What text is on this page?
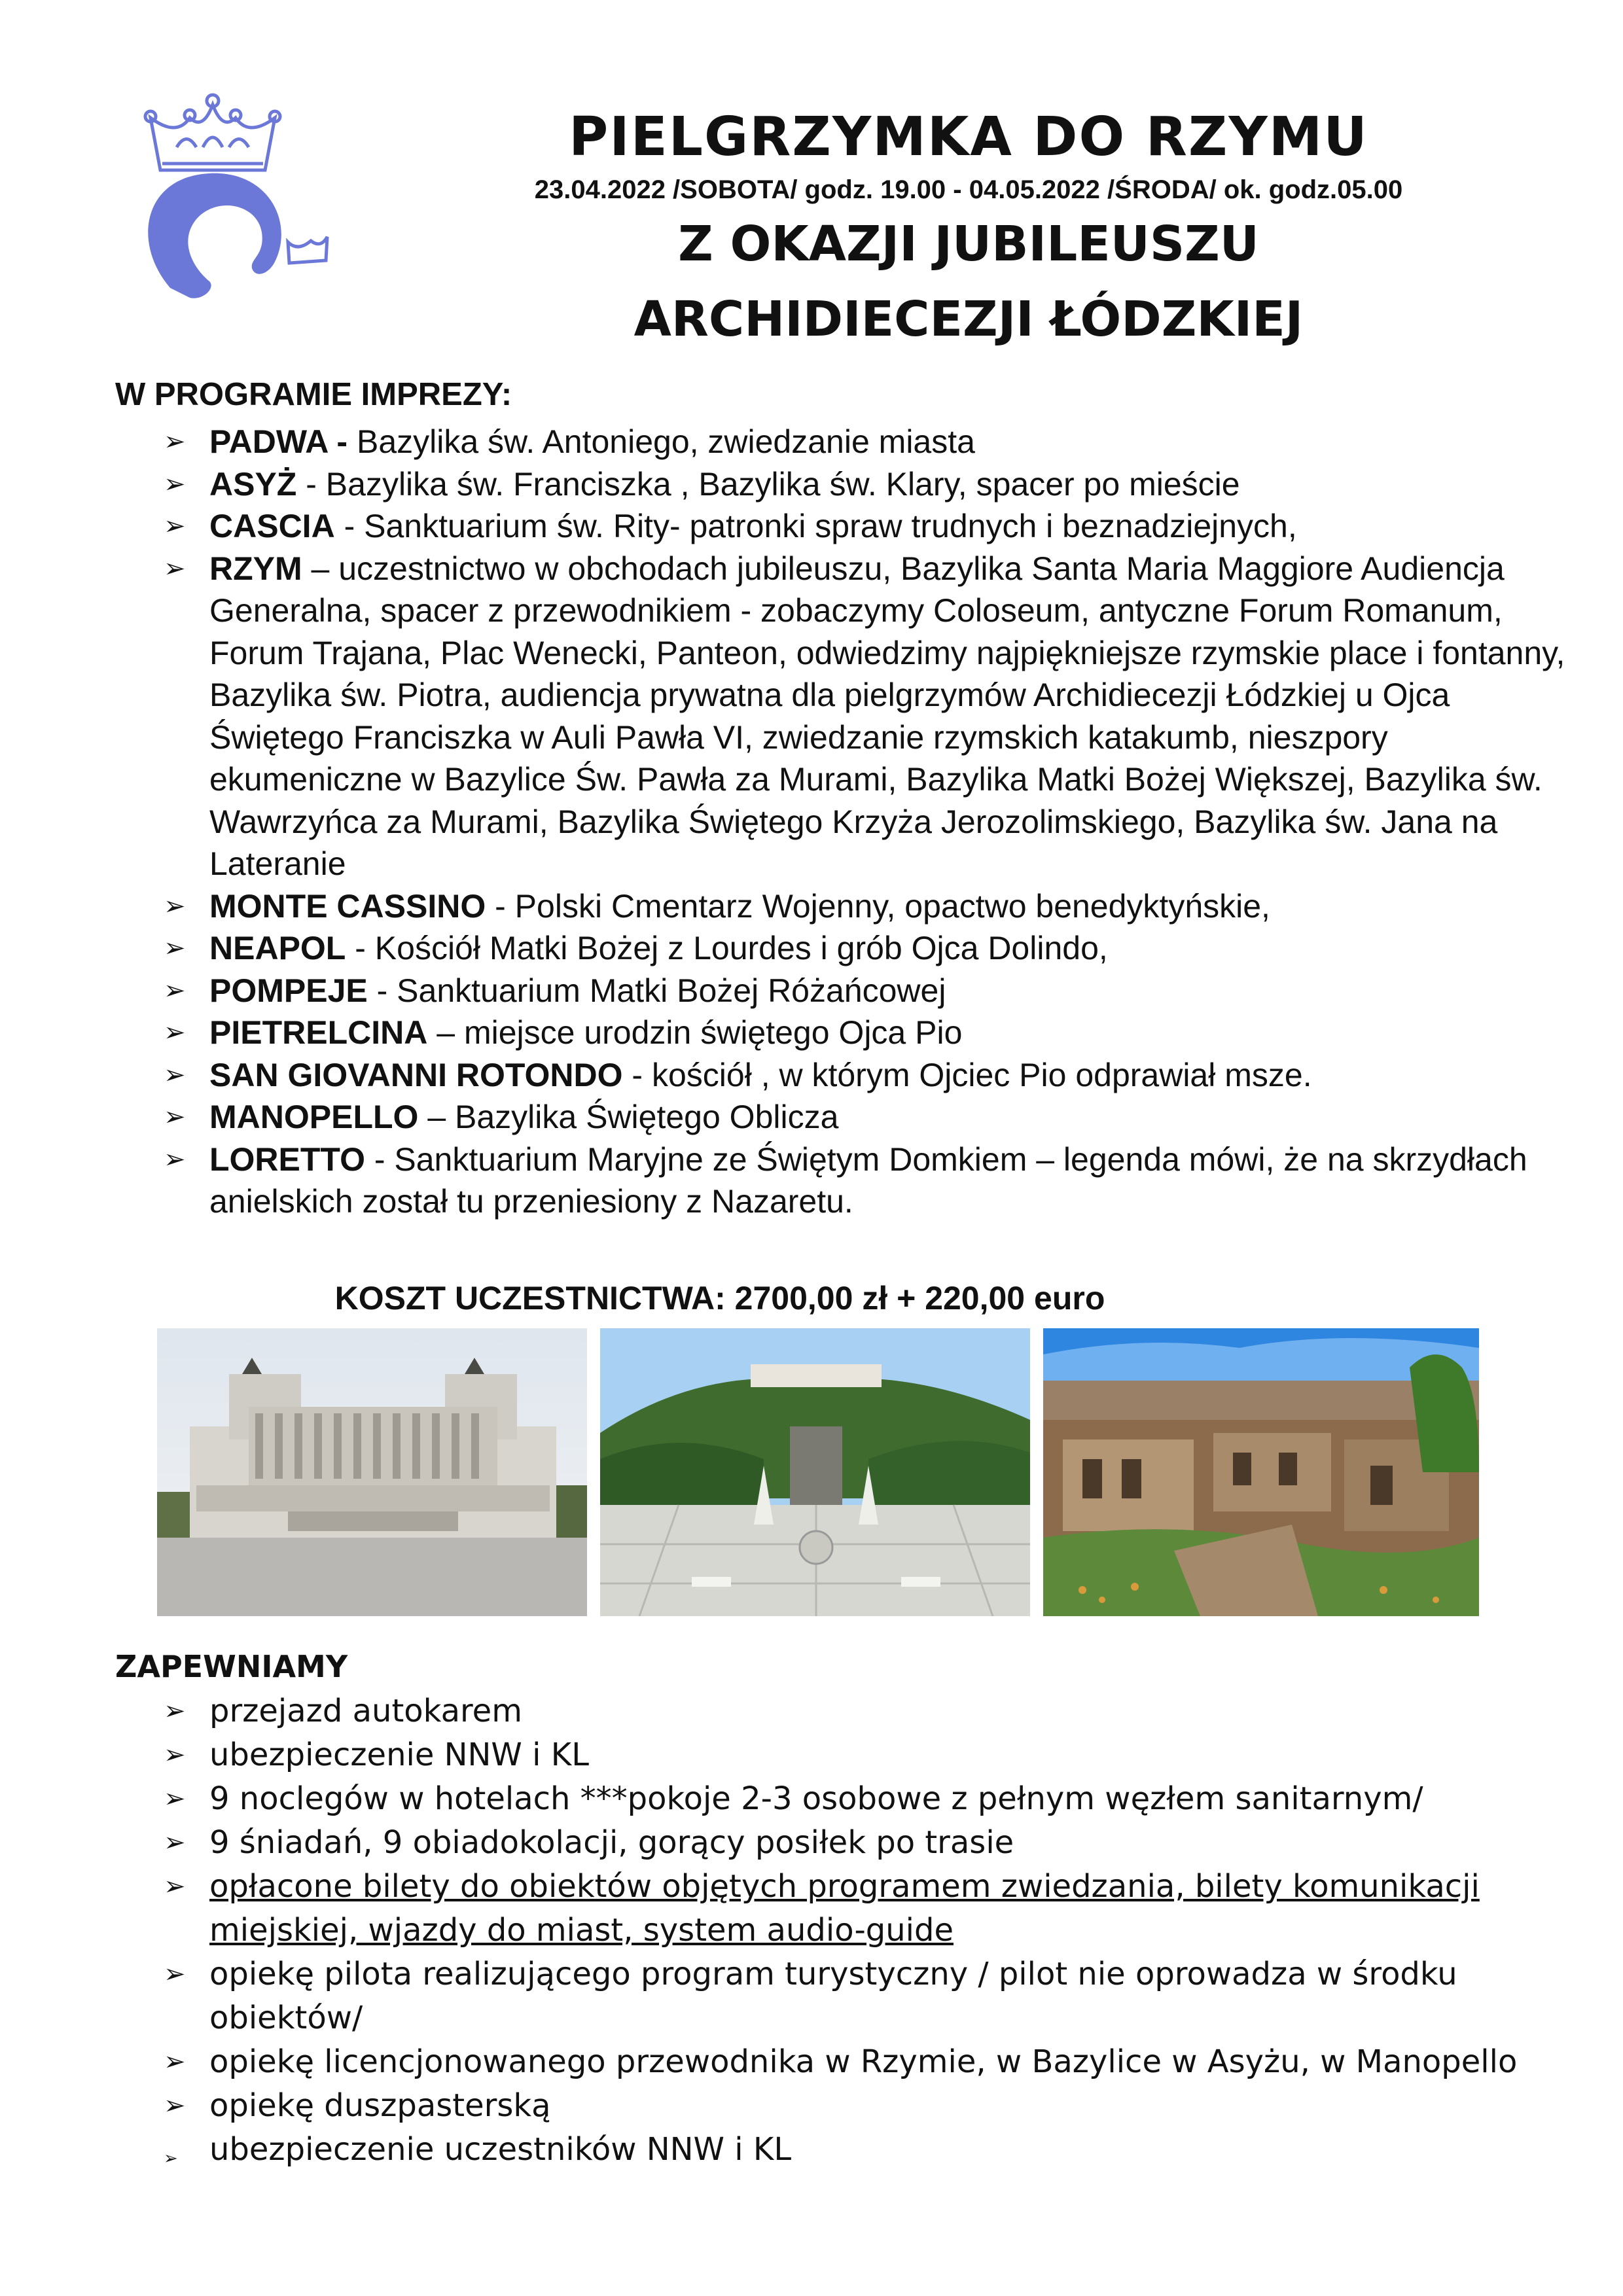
PIELGRZYMKA DO RZYMU
23.04.2022 /SOBOTA/ godz. 19.00 - 04.05.2022 /ŚRODA/ ok. godz.05.00
Z OKAZJI JUBILEUSZU
ARCHIDIECEZJI ŁÓDZKIEJ
W PROGRAMIE IMPREZY:
➢ PADWA - Bazylika św. Antoniego, zwiedzanie miasta
➢ ASYŻ - Bazylika św. Franciszka , Bazylika św. Klary, spacer po mieście
➢ CASCIA - Sanktuarium św. Rity- patronki spraw trudnych i beznadziejnych,
➢ RZYM – uczestnictwo w obchodach jubileuszu, Bazylika Santa Maria Maggiore Audiencja Generalna, spacer z przewodnikiem - zobaczymy Coloseum, antyczne Forum Romanum, Forum Trajana, Plac Wenecki, Panteon, odwiedzimy najpiękniejsze rzymskie place i fontanny, Bazylika św. Piotra, audiencja prywatna dla pielgrzymów Archidiecezji Łódzkiej u Ojca Świętego Franciszka w Auli Pawła VI, zwiedzanie rzymskich katakumb, nieszpory ekumeniczne w Bazylice Św. Pawła za Murami, Bazylika Matki Bożej Większej, Bazylika św. Wawrzyńca za Murami, Bazylika Świętego Krzyża Jerozolimskiego, Bazylika św. Jana na Lateranie
➢ MONTE CASSINO - Polski Cmentarz Wojenny, opactwo benedyktyńskie,
➢ NEAPOL - Kościół Matki Bożej z Lourdes i grób Ojca Dolindo,
➢ POMPEJE - Sanktuarium Matki Bożej Różańcowej
➢ PIETRELCINA – miejsce urodzin świętego Ojca Pio
➢ SAN GIOVANNI ROTONDO - kościół , w którym Ojciec Pio odprawiał msze.
➢ MANOPELLO – Bazylika Świętego Oblicza
➢ LORETTO - Sanktuarium Maryjne ze Świętym Domkiem – legenda mówi, że na skrzydłach anielskich został tu przeniesiony z Nazaretu.
KOSZT UCZESTNICTWA: 2700,00 zł + 220,00 euro
ZAPEWNIAMY
➢ przejazd autokarem
➢ ubezpieczenie NNW i KL
➢ 9 noclegów w hotelach ***pokoje 2-3 osobowe z pełnym węzłem sanitarnym/
➢ 9 śniadań, 9 obiadokolacji, gorący posiłek po trasie
➢ opłacone bilety do obiektów objętych programem zwiedzania, bilety komunikacji miejskiej, wjazdy do miast, system audio-guide
➢ opiekę pilota realizującego program turystyczny / pilot nie oprowadza w środku obiektów/
➢ opiekę licencjonowanego przewodnika w Rzymie, w Bazylice w Asyżu, w Manopello
➢ opiekę duszpasterską
➢	ubezpieczenie uczestników NNW i KL
